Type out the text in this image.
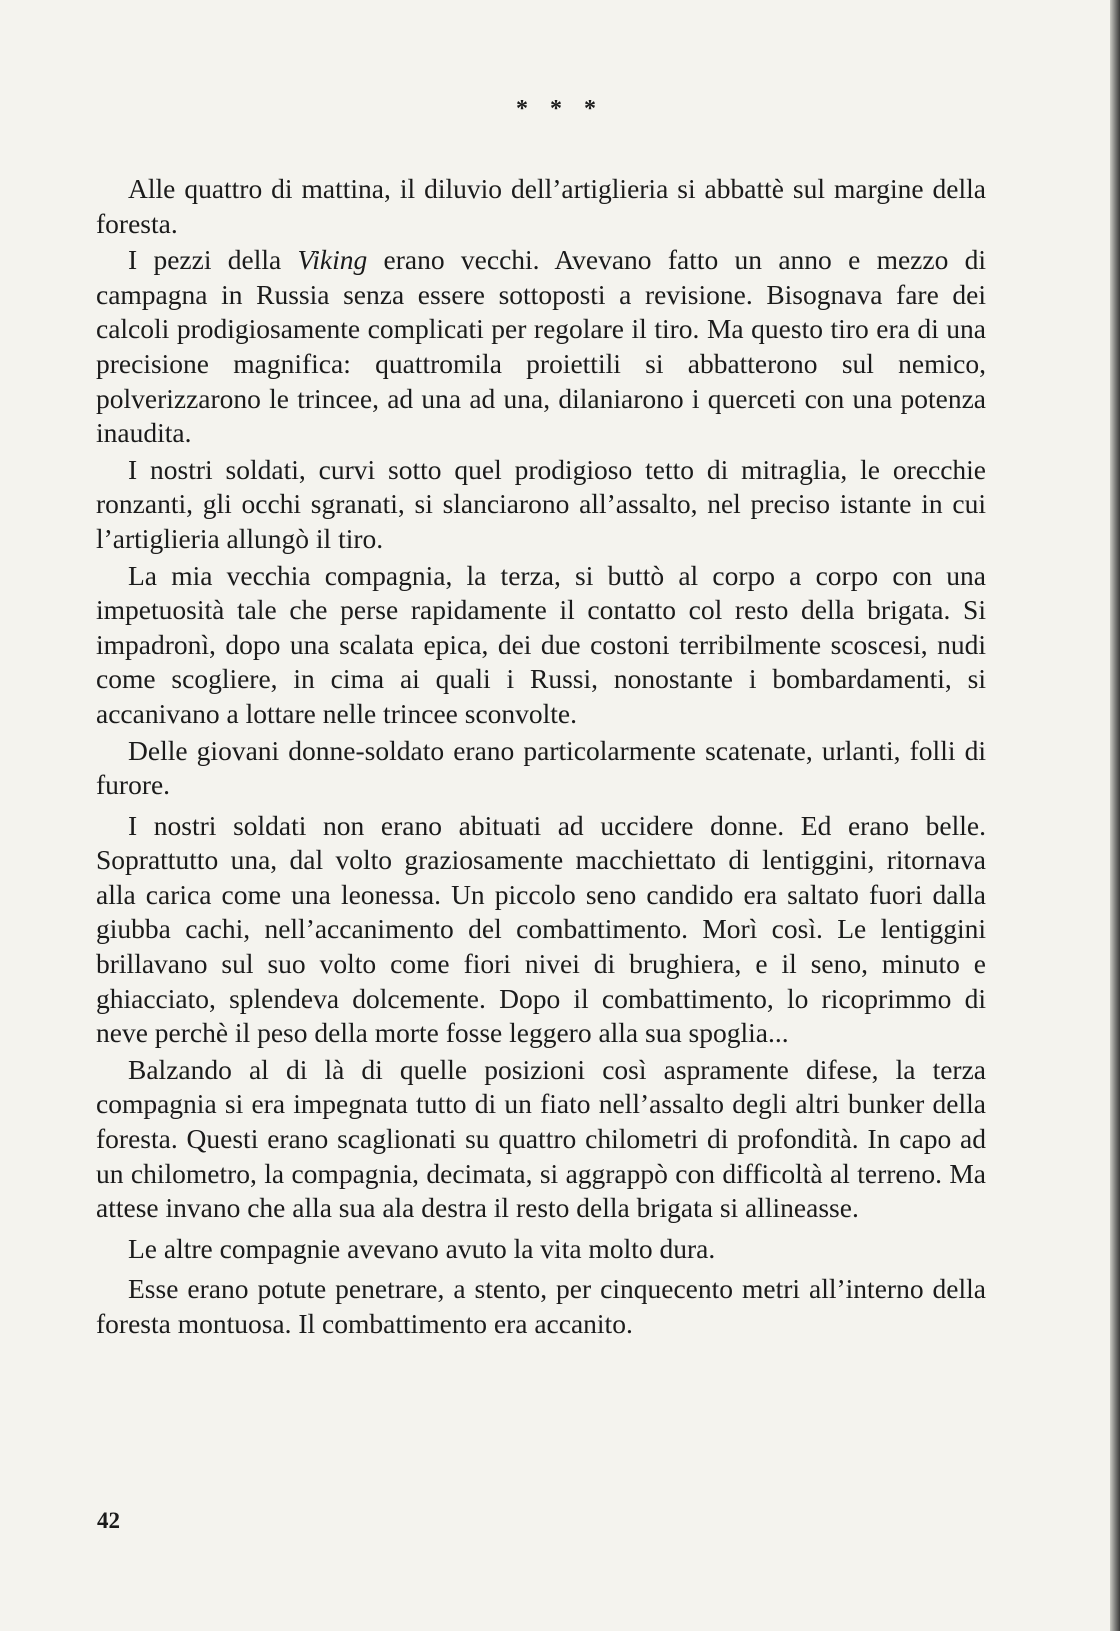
* * *

Alle quattro di mattina, il diluvio dell’artiglieria si abbattè sul margine della foresta.

I pezzi della Viking erano vecchi. Avevano fatto un anno e mezzo di campagna in Russia senza essere sottoposti a revisione. Bisognava fare dei calcoli prodigiosamente complicati per regolare il tiro. Ma questo tiro era di una precisione magnifica: quattromila proiettili si abbatterono sul nemico, polverizzarono le trincee, ad una ad una, dilaniarono i querceti con una potenza inaudita.

I nostri soldati, curvi sotto quel prodigioso tetto di mitraglia, le orecchie ronzanti, gli occhi sgranati, si slanciarono all’assalto, nel preciso istante in cui l’artiglieria allungò il tiro.

La mia vecchia compagnia, la terza, si buttò al corpo a corpo con una impetuosità tale che perse rapidamente il contatto col resto della brigata. Si impadronì, dopo una scalata epica, dei due costoni terribilmente scoscesi, nudi come scogliere, in cima ai quali i Russi, nonostante i bombardamenti, si accanivano a lottare nelle trincee sconvolte.

Delle giovani donne-soldato erano particolarmente scatenate, urlanti, folli di furore.

I nostri soldati non erano abituati ad uccidere donne. Ed erano belle. Soprattutto una, dal volto graziosamente macchiettato di lentiggini, ritornava alla carica come una leonessa. Un piccolo seno candido era saltato fuori dalla giubba cachi, nell’accanimento del combattimento. Morì così. Le lentiggini brillavano sul suo volto come fiori nivei di brughiera, e il seno, minuto e ghiacciato, splendeva dolcemente. Dopo il combattimento, lo ricoprimmo di neve perchè il peso della morte fosse leggero alla sua spoglia...

Balzando al di là di quelle posizioni così aspramente difese, la terza compagnia si era impegnata tutto di un fiato nell’assalto degli altri bunker della foresta. Questi erano scaglionati su quattro chilometri di profondità. In capo ad un chilometro, la compagnia, decimata, si aggrappò con difficoltà al terreno. Ma attese invano che alla sua ala destra il resto della brigata si allineasse.

Le altre compagnie avevano avuto la vita molto dura.

Esse erano potute penetrare, a stento, per cinquecento metri all’interno della foresta montuosa. Il combattimento era accanito.

42
